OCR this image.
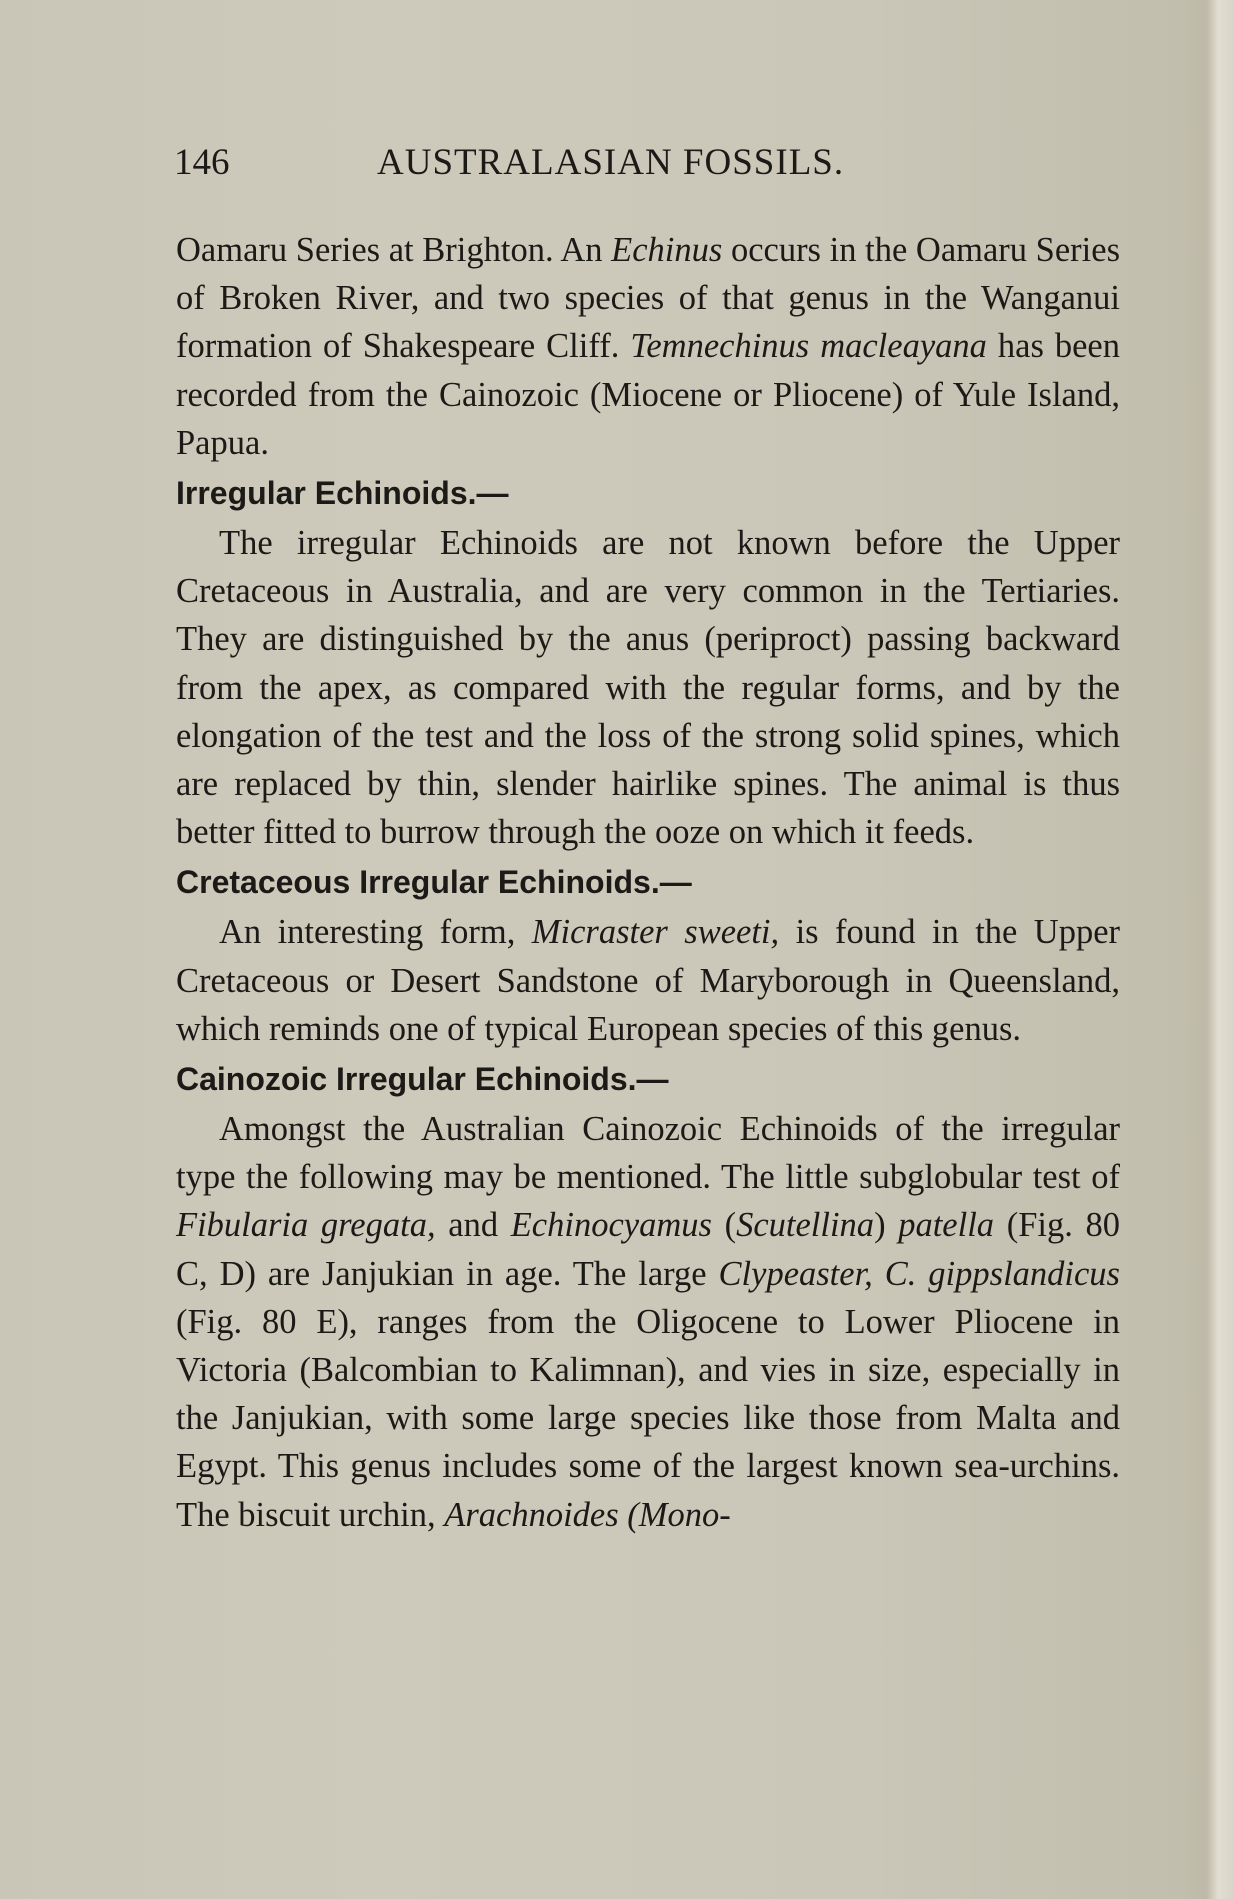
146	AUSTRALASIAN FOSSILS.

Oamaru Series at Brighton. An Echinus occurs in the Oamaru Series of Broken River, and two species of that genus in the Wanganui formation of Shakespeare Cliff. Temnechinus macleayana has been recorded from the Cainozoic (Miocene or Pliocene) of Yule Island, Papua.

Irregular Echinoids.—

The irregular Echinoids are not known before the Upper Cretaceous in Australia, and are very common in the Tertiaries. They are distinguished by the anus (periproct) passing backward from the apex, as compared with the regular forms, and by the elongation of the test and the loss of the strong solid spines, which are replaced by thin, slender hairlike spines. The animal is thus better fitted to burrow through the ooze on which it feeds.

Cretaceous Irregular Echinoids.—

An interesting form, Micraster sweeti, is found in the Upper Cretaceous or Desert Sandstone of Maryborough in Queensland, which reminds one of typical European species of this genus.

Cainozoic Irregular Echinoids.—

Amongst the Australian Cainozoic Echinoids of the irregular type the following may be mentioned. The little subglobular test of Fibularia gregata, and Echinocyamus (Scutellina) patella (Fig. 80 C, D) are Janjukian in age. The large Clypeaster, C. gippslandicus (Fig. 80 E), ranges from the Oligocene to Lower Pliocene in Victoria (Balcombian to Kalimnan), and vies in size, especially in the Janjukian, with some large species like those from Malta and Egypt. This genus includes some of the largest known sea-urchins. The biscuit urchin, Arachnoides (Mono-
